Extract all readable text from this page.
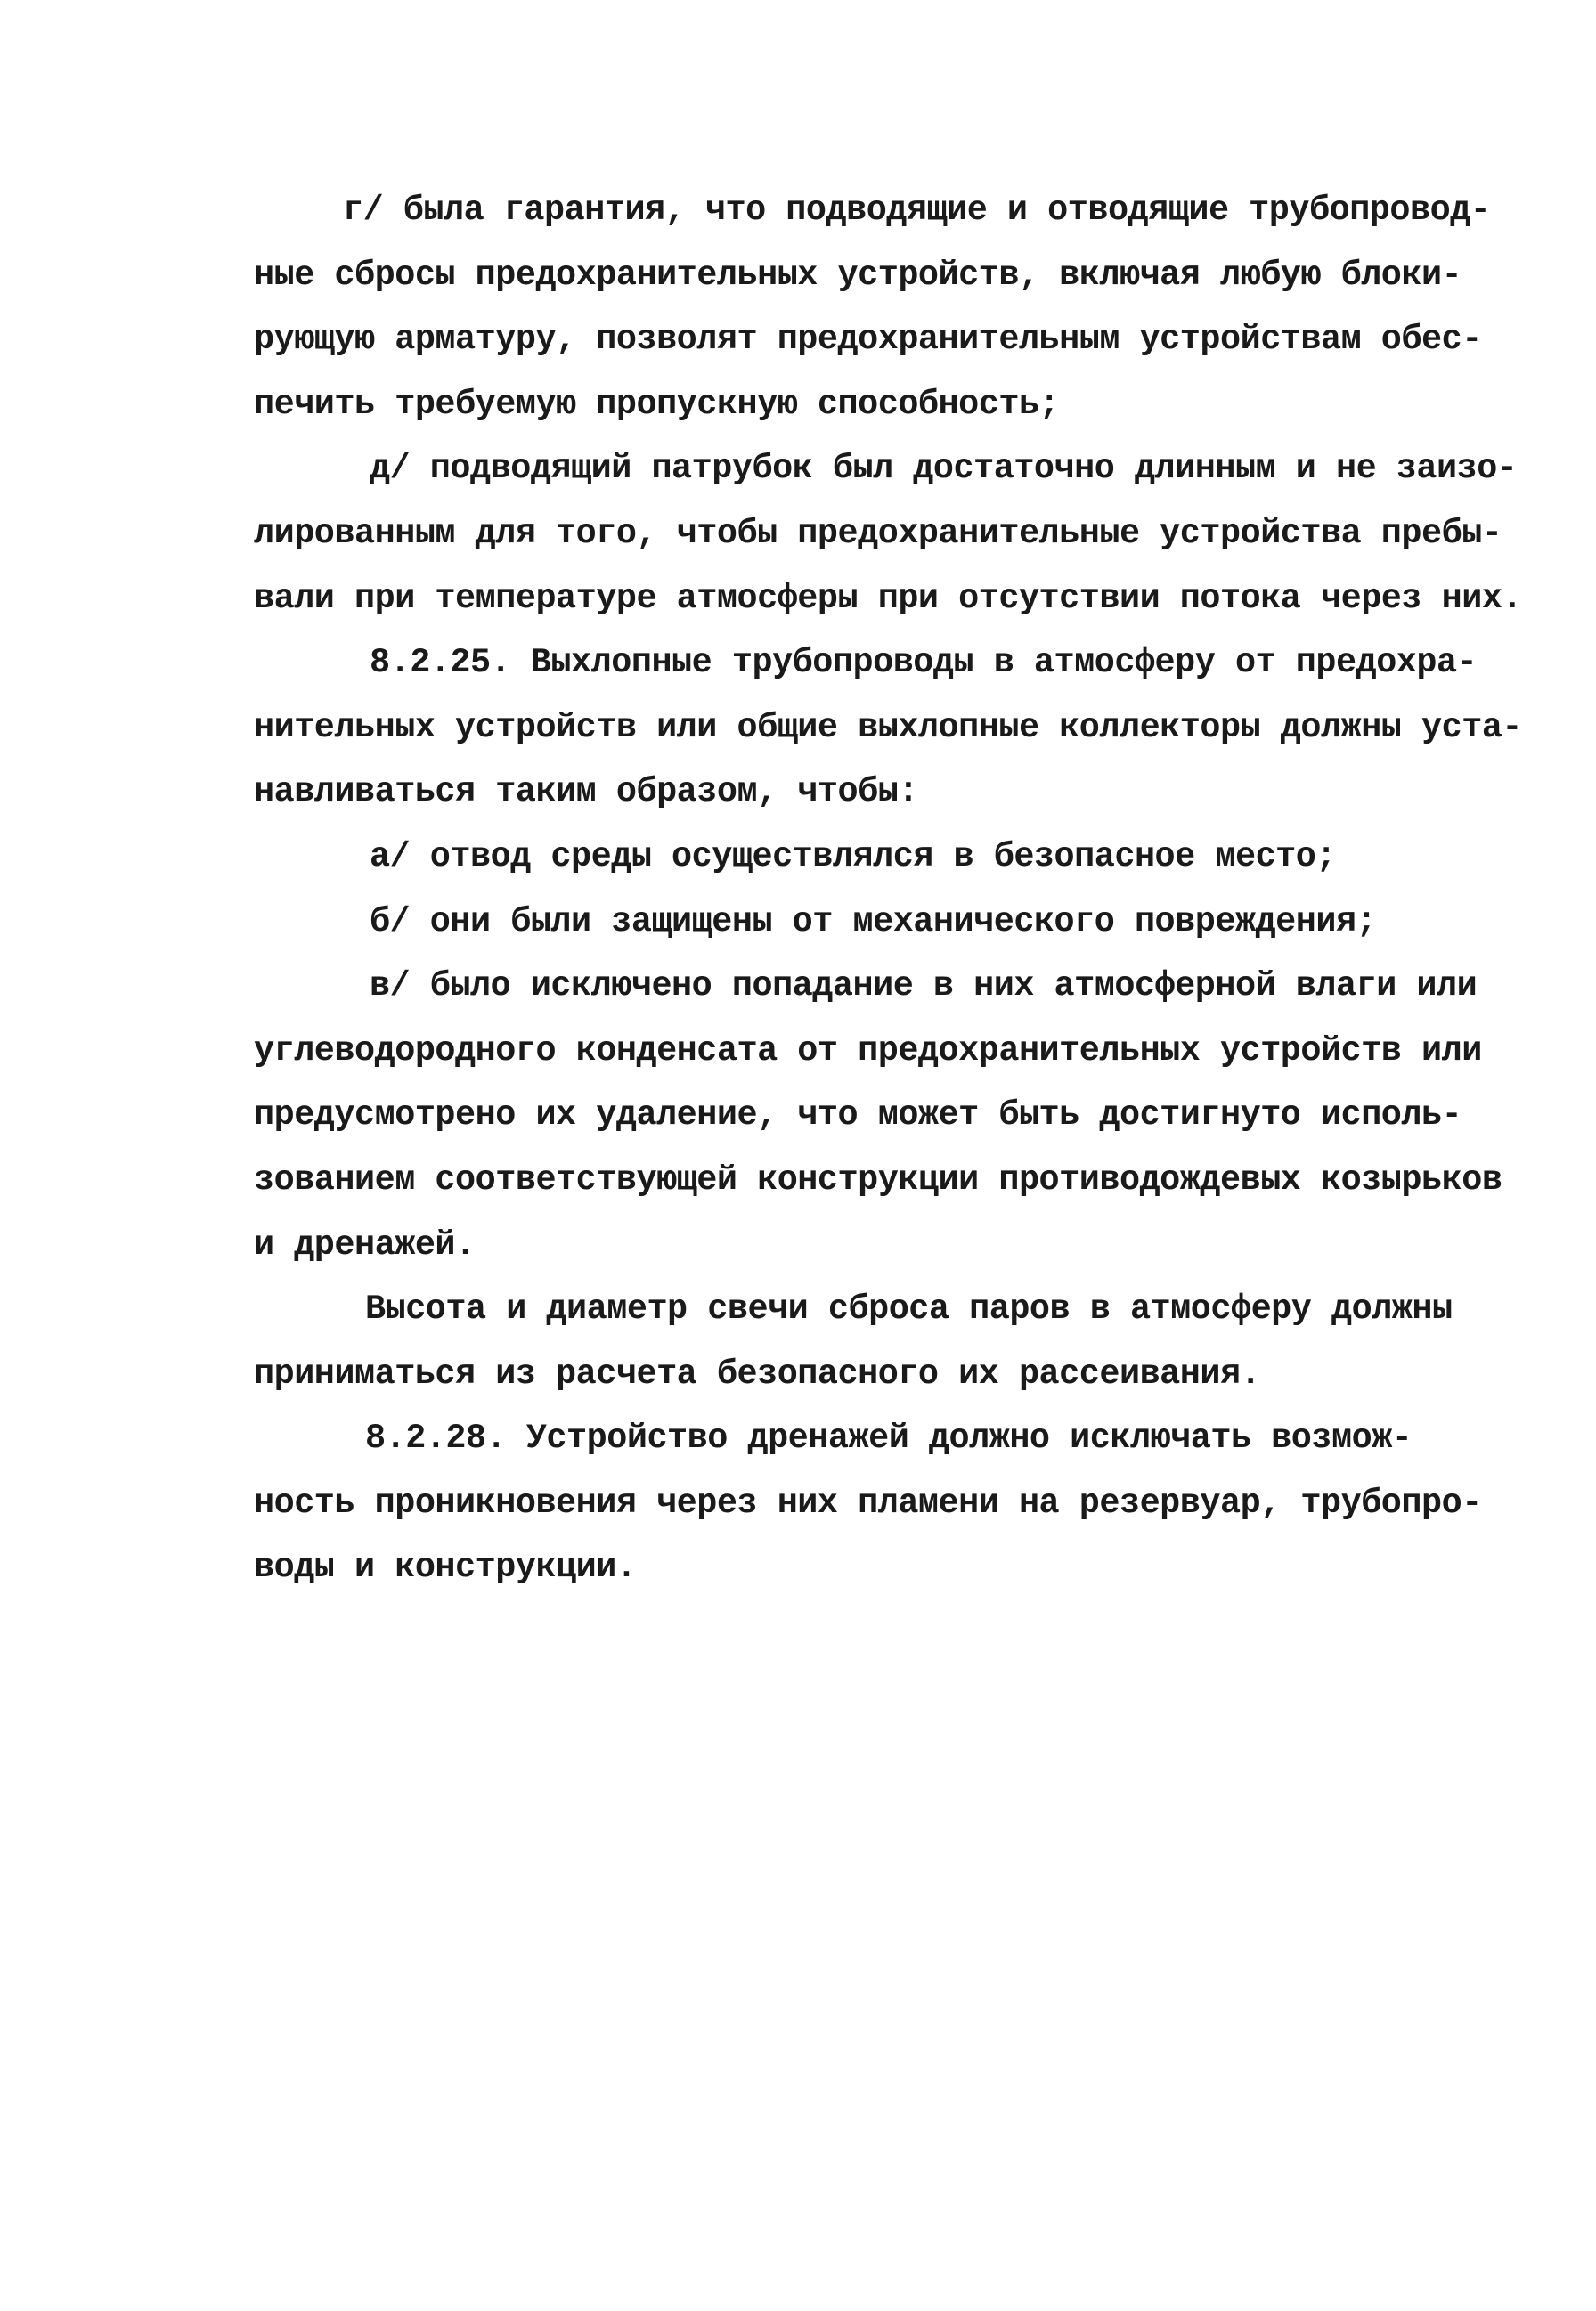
г/ была гарантия, что подводящие и отводящие трубопровод-

ные сбросы предохранительных устройств, включая любую блоки-

рующую арматуру, позволят предохранительным устройствам обес-

печить требуемую пропускную способность;

д/ подводящий патрубок был достаточно длинным и не заизо-

лированным для того, чтобы предохранительные устройства пребы-

вали при температуре атмосферы при отсутствии потока через них.

8.2.25. Выхлопные трубопроводы в атмосферу от предохра-

нительных устройств или общие выхлопные коллекторы должны уста-

навливаться таким образом, чтобы:

а/ отвод среды осуществлялся в безопасное место;

б/ они были защищены от механического повреждения;

в/ было исключено попадание в них атмосферной влаги или

углеводородного конденсата от предохранительных устройств или

предусмотрено их удаление, что может быть достигнуто исполь-

зованием соответствующей конструкции противодождевых козырьков

и дренажей.

Высота и диаметр свечи сброса паров в атмосферу должны

приниматься из расчета безопасного их рассеивания.

8.2.28. Устройство дренажей должно исключать возмож-

ность проникновения через них пламени на резервуар, трубопро-

воды и конструкции.
